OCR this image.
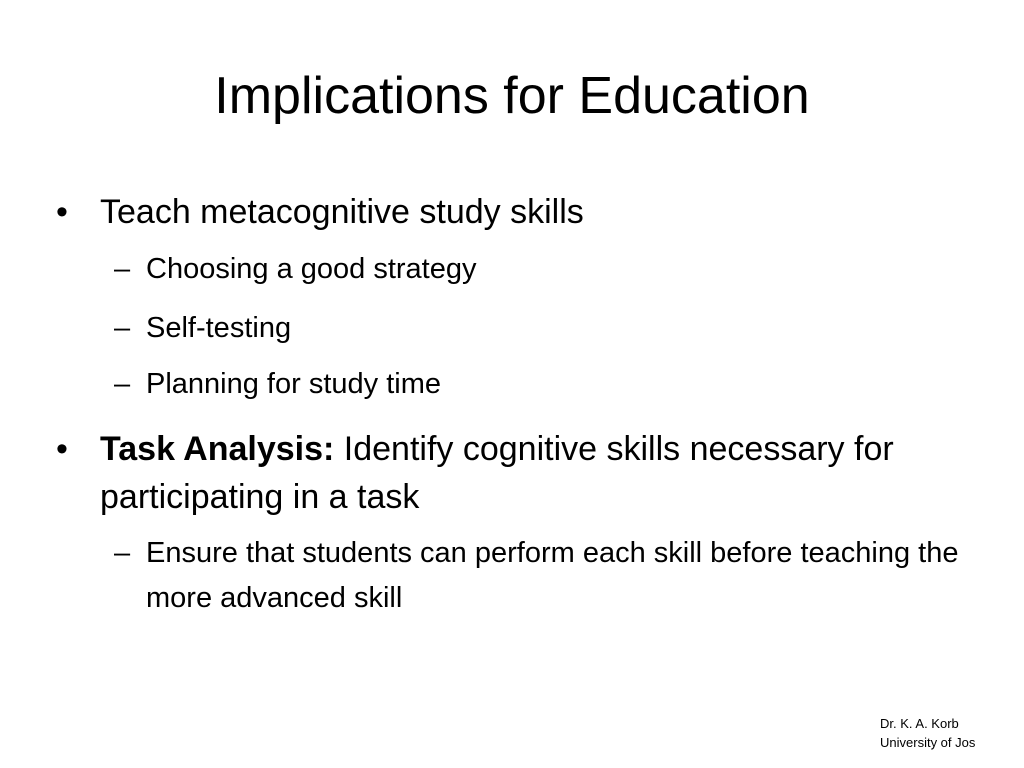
Implications for Education
• Teach metacognitive study skills
– Choosing a good strategy
– Self-testing
– Planning for study time
• Task Analysis: Identify cognitive skills necessary for participating in a task
– Ensure that students can perform each skill before teaching the more advanced skill
Dr. K. A. Korb
University of Jos
